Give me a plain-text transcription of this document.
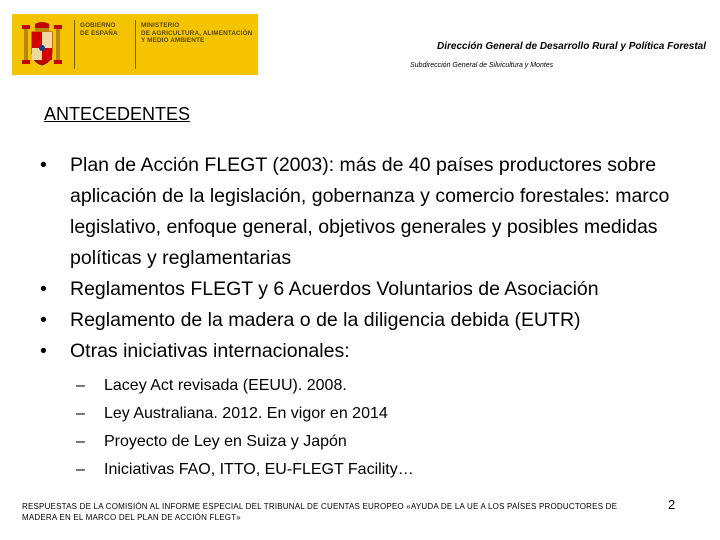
GOBIERNO
DE ESPAÑA
MINISTERIO
DE AGRICULTURA, ALIMENTACIÓN
Y MEDIO AMBIENTE
Dirección General de Desarrollo Rural y Política Forestal
Subdirección General de Silvicultura y Montes
ANTECEDENTES
• Plan de Acción FLEGT (2003): más de 40 países productores sobre aplicación de la legislación, gobernanza y comercio forestales: marco legislativo, enfoque general, objetivos generales y posibles medidas políticas y reglamentarias
• Reglamentos FLEGT y 6 Acuerdos Voluntarios de Asociación
• Reglamento de la madera o de la diligencia debida (EUTR)
• Otras iniciativas internacionales:
– Lacey Act revisada (EEUU). 2008.
– Ley Australiana. 2012. En vigor en 2014
– Proyecto de Ley en Suiza y Japón
– Iniciativas FAO, ITTO, EU-FLEGT Facility…
RESPUESTAS DE LA COMISIÓN AL INFORME ESPECIAL DEL TRIBUNAL DE CUENTAS EUROPEO «AYUDA DE LA UE A LOS PAÍSES PRODUCTORES DE MADERA EN EL MARCO DEL PLAN DE ACCIÓN FLEGT»
2
